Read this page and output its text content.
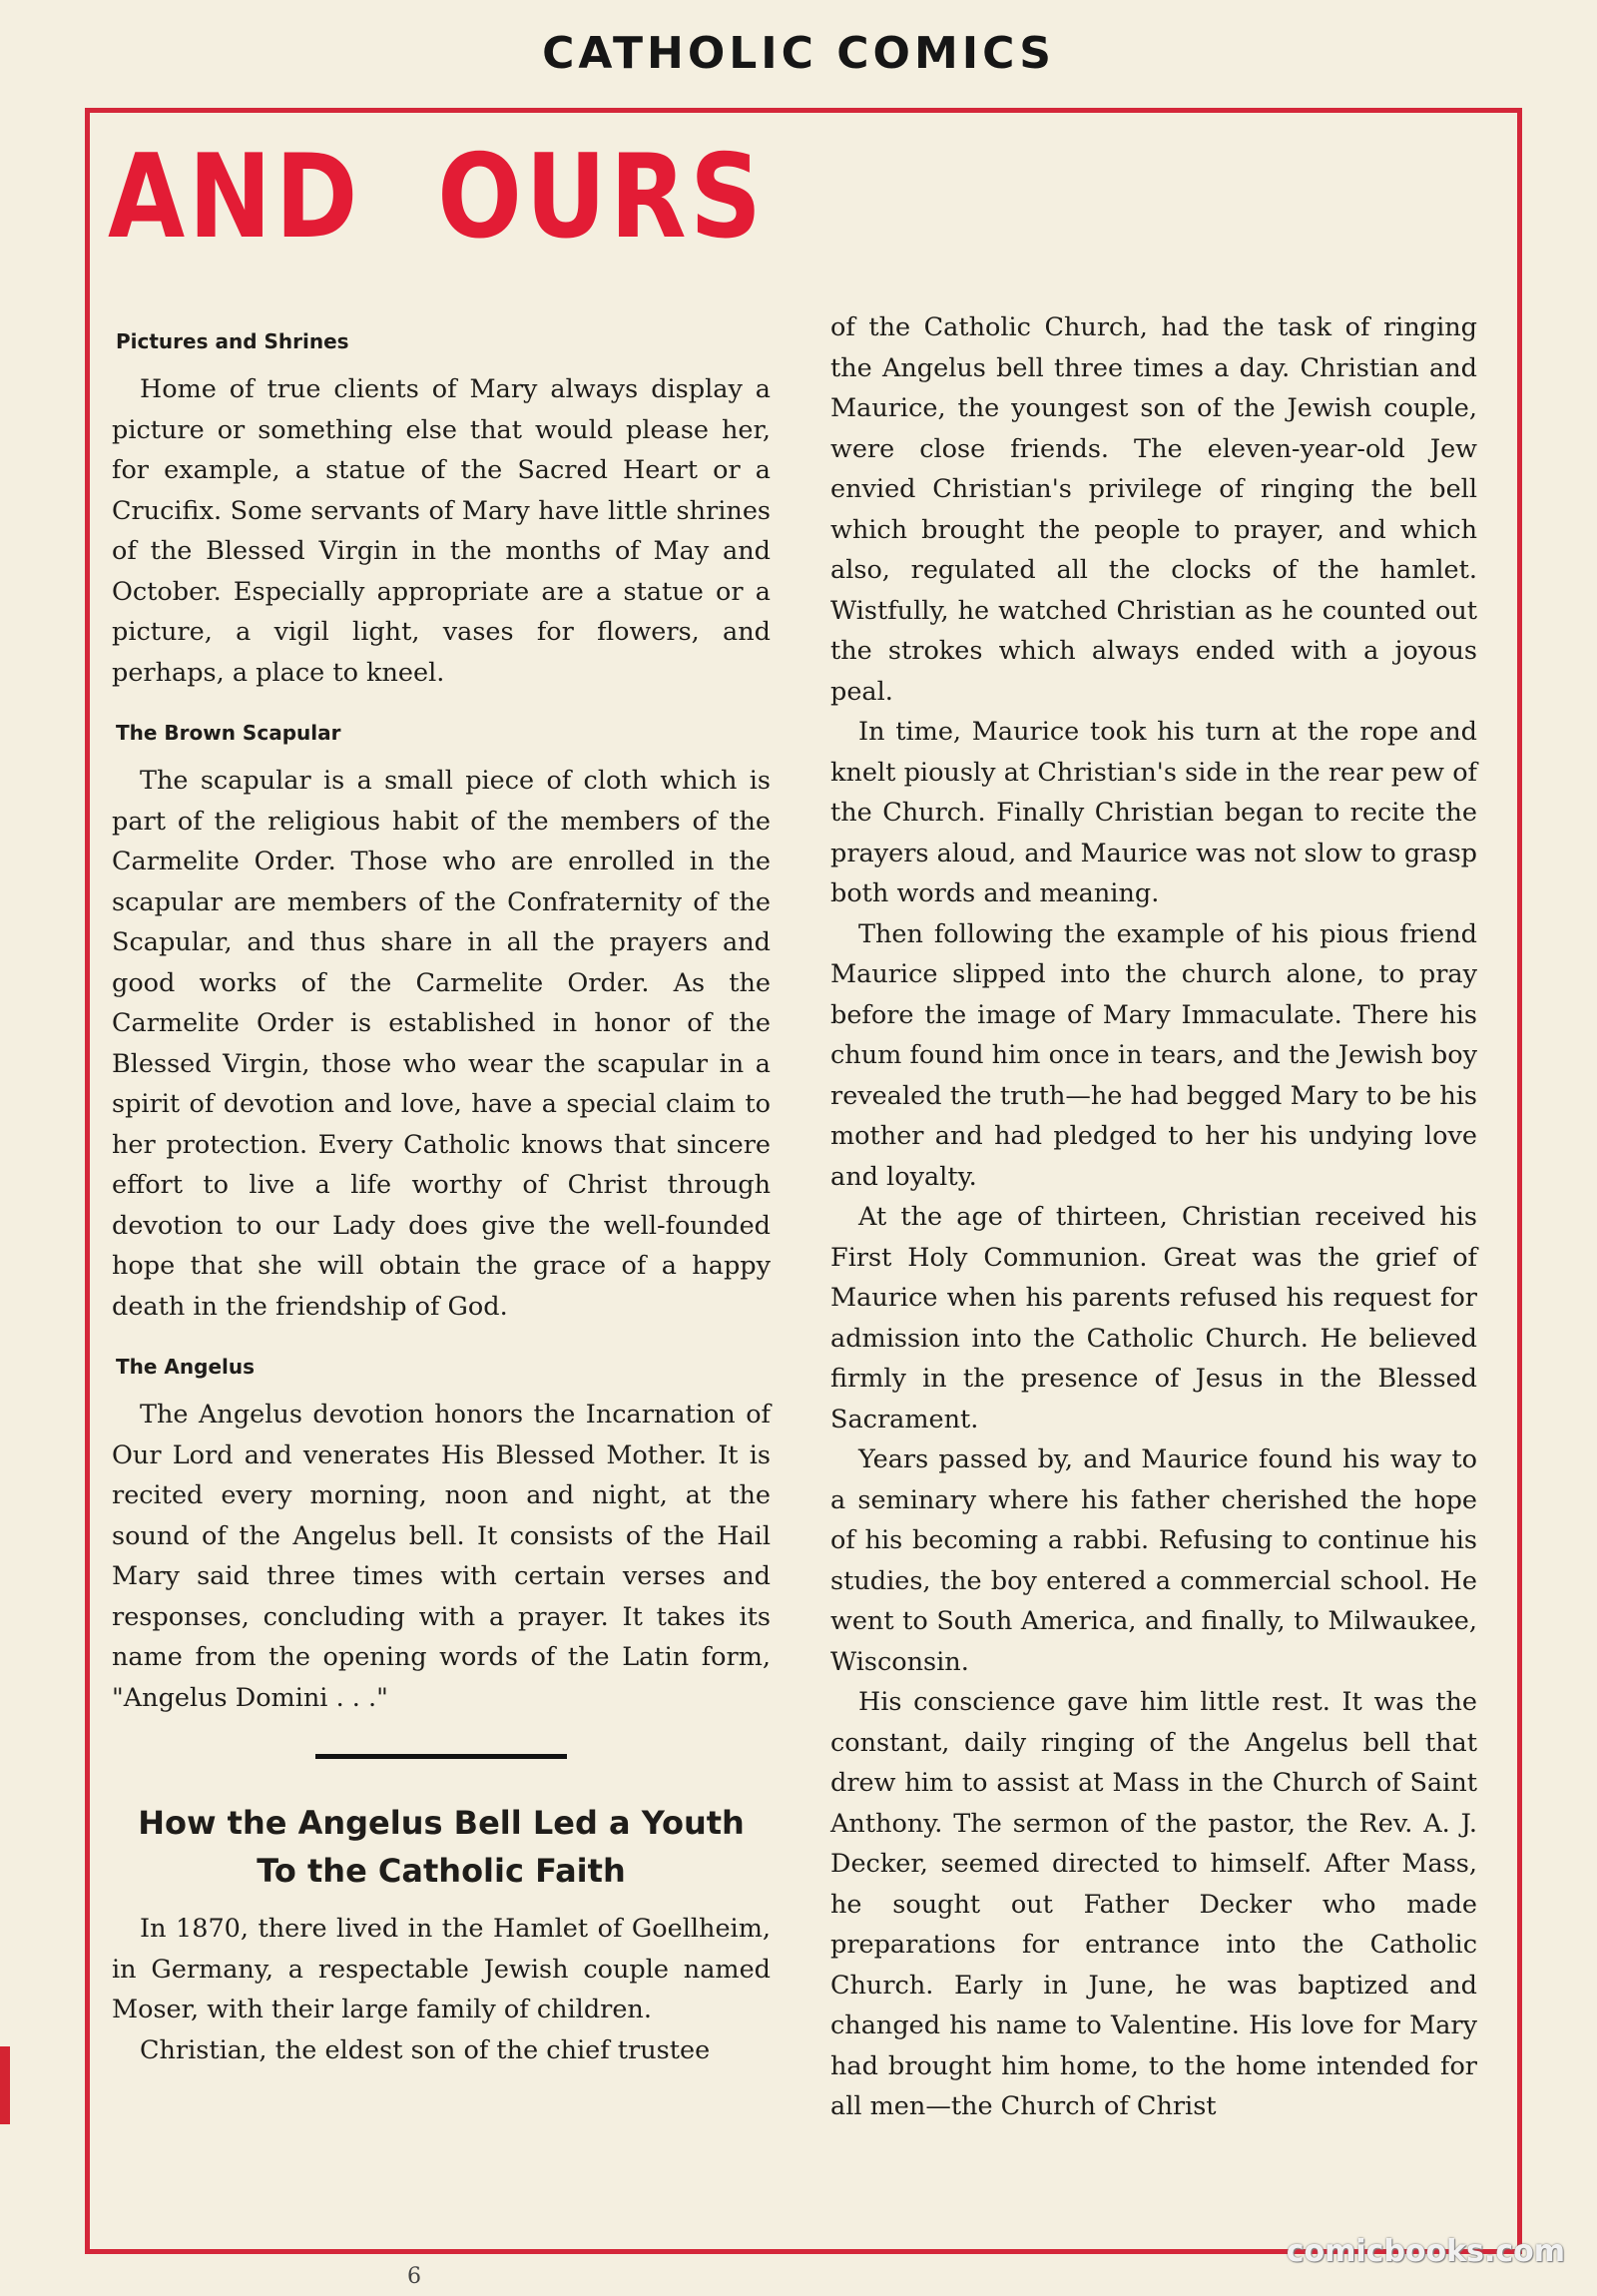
CATHOLIC COMICS
AND  OURS
Pictures and Shrines

Home of true clients of Mary always display a picture or something else that would please her, for example, a statue of the Sacred Heart or a Crucifix. Some servants of Mary have little shrines of the Blessed Virgin in the months of May and October. Especially appropriate are a statue or a picture, a vigil light, vases for flowers, and perhaps, a place to kneel.

The Brown Scapular

The scapular is a small piece of cloth which is part of the religious habit of the members of the Carmelite Order. Those who are enrolled in the scapular are members of the Confraternity of the Scapular, and thus share in all the prayers and good works of the Carmelite Order. As the Carmelite Order is established in honor of the Blessed Virgin, those who wear the scapular in a spirit of devotion and love, have a special claim to her protection. Every Catholic knows that sincere effort to live a life worthy of Christ through devotion to our Lady does give the well-founded hope that she will obtain the grace of a happy death in the friendship of God.

The Angelus

The Angelus devotion honors the Incarnation of Our Lord and venerates His Blessed Mother. It is recited every morning, noon and night, at the sound of the Angelus bell. It consists of the Hail Mary said three times with certain verses and responses, concluding with a prayer. It takes its name from the opening words of the Latin form, "Angelus Domini . . ."

How the Angelus Bell Led a Youth
To the Catholic Faith

In 1870, there lived in the Hamlet of Goellheim, in Germany, a respectable Jewish couple named Moser, with their large family of children.

Christian, the eldest son of the chief trustee

of the Catholic Church, had the task of ringing the Angelus bell three times a day. Christian and Maurice, the youngest son of the Jewish couple, were close friends. The eleven-year-old Jew envied Christian's privilege of ringing the bell which brought the people to prayer, and which also, regulated all the clocks of the hamlet. Wistfully, he watched Christian as he counted out the strokes which always ended with a joyous peal.

In time, Maurice took his turn at the rope and knelt piously at Christian's side in the rear pew of the Church. Finally Christian began to recite the prayers aloud, and Maurice was not slow to grasp both words and meaning.

Then following the example of his pious friend Maurice slipped into the church alone, to pray before the image of Mary Immaculate. There his chum found him once in tears, and the Jewish boy revealed the truth—he had begged Mary to be his mother and had pledged to her his undying love and loyalty.

At the age of thirteen, Christian received his First Holy Communion. Great was the grief of Maurice when his parents refused his request for admission into the Catholic Church. He believed firmly in the presence of Jesus in the Blessed Sacrament.

Years passed by, and Maurice found his way to a seminary where his father cherished the hope of his becoming a rabbi. Refusing to continue his studies, the boy entered a commercial school. He went to South America, and finally, to Milwaukee, Wisconsin.

His conscience gave him little rest. It was the constant, daily ringing of the Angelus bell that drew him to assist at Mass in the Church of Saint Anthony. The sermon of the pastor, the Rev. A. J. Decker, seemed directed to himself. After Mass, he sought out Father Decker who made preparations for entrance into the Catholic Church. Early in June, he was baptized and changed his name to Valentine. His love for Mary had brought him home, to the home intended for all men—the Church of Christ

6
comicbooks.com
